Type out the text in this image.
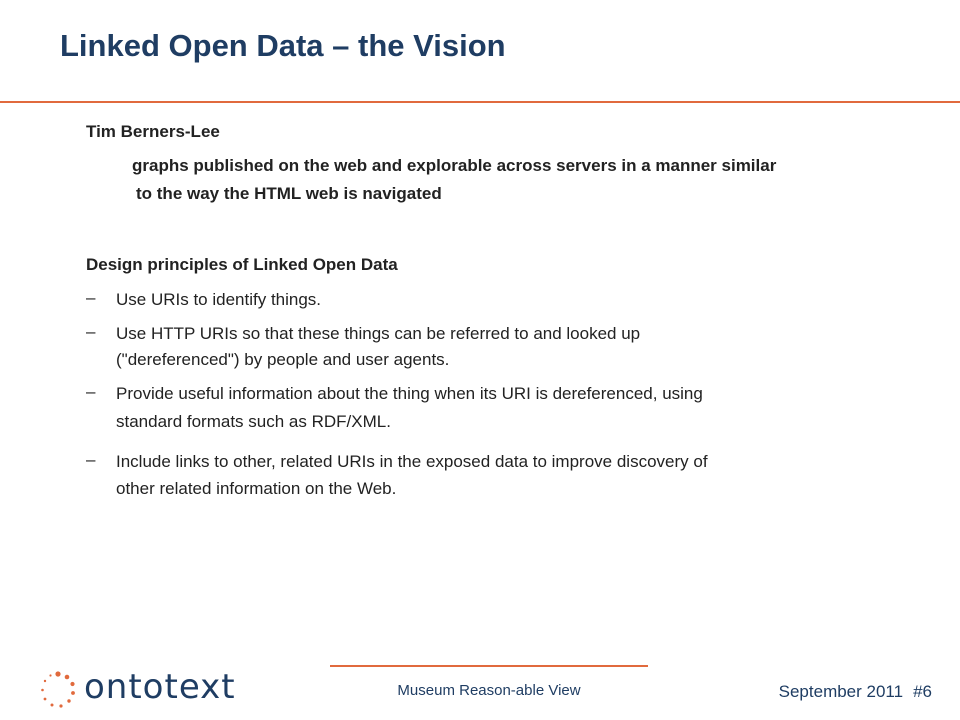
Linked Open Data – the Vision
Tim Berners-Lee
graphs published on the web and explorable across servers in a manner similar
to the way the HTML web is navigated
Design principles of Linked Open Data
– Use URIs to identify things.
– Use HTTP URIs so that these things can be referred to and looked up
("dereferenced") by people and user agents.
– Provide useful information about the thing when its URI is dereferenced, using
standard formats such as RDF/XML.
– Include links to other, related URIs in the exposed data to improve discovery of
other related information on the Web.
ontotext	Museum Reason-able View	September 2011 #6
